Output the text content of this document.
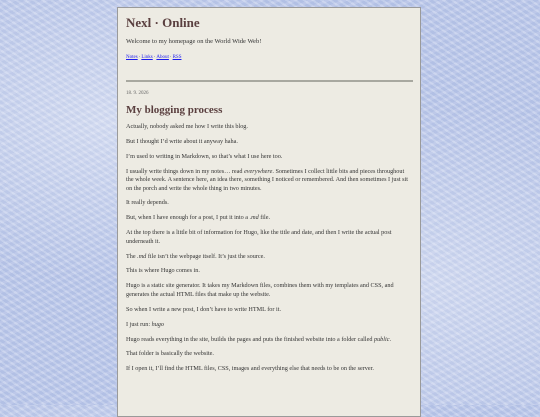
Nexl · Online
Welcome to my homepage on the World Wide Web!
Notes·Links·About·RSS
18. 9. 2026
My blogging process

Actually, nobody asked me how I write this blog.

But I thought I’d write about it anyway haha.

I’m used to writing in Markdown, so that’s what I use here too.

I usually write things down in my notes… read everywhere. Sometimes I collect little bits and pieces throughout the whole week. A sentence here, an idea there, something I noticed or remembered. And then sometimes I just sit on the porch and write the whole thing in two minutes.

It really depends.

But, when I have enough for a post, I put it into a .md file.

At the top there is a little bit of information for Hugo, like the title and date, and then I write the actual post underneath it.

The .md file isn’t the webpage itself. It’s just the source.

This is where Hugo comes in.

Hugo is a static site generator. It takes my Markdown files, combines them with my templates and CSS, and generates the actual HTML files that make up the website.

So when I write a new post, I don’t have to write HTML for it.

I just run: hugo

Hugo reads everything in the site, builds the pages and puts the finished website into a folder called public.

That folder is basically the website.

If I open it, I’ll find the HTML files, CSS, images and everything else that needs to be on the server.
